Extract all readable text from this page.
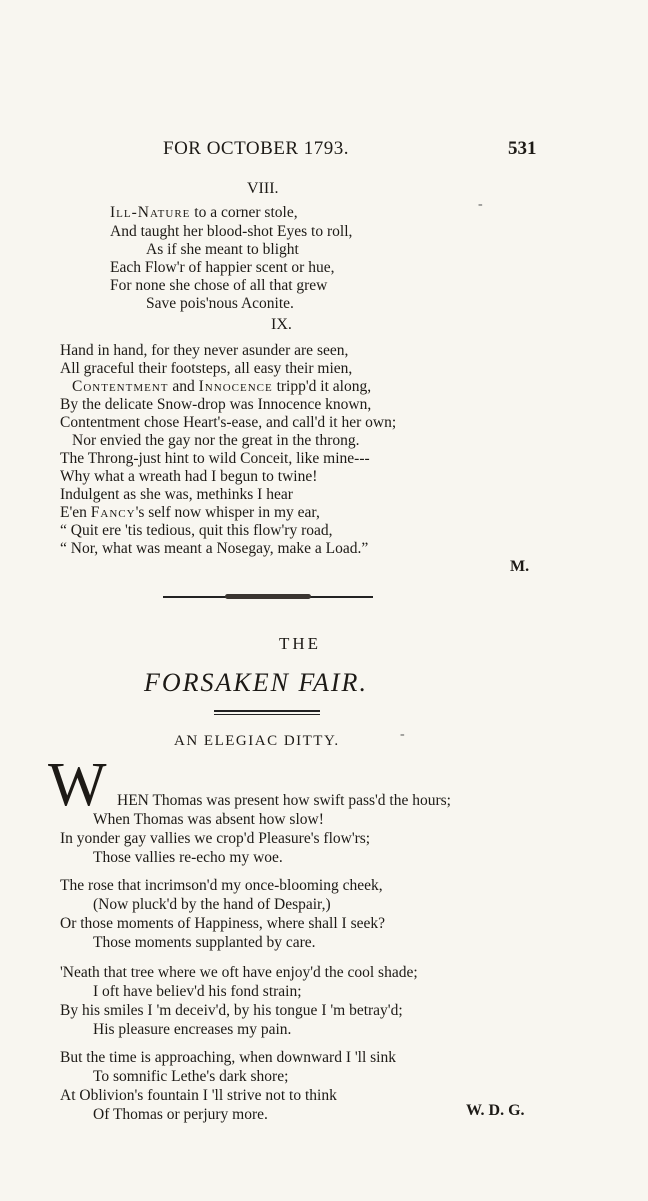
FOR OCTOBER 1793.	531
VIII.
-
Ill-Nature to a corner stole,
And taught her blood-shot Eyes to roll,
As if she meant to blight
Each Flow'r of happier scent or hue,
For none she chose of all that grew
Save pois'nous Aconite.
IX.
Hand in hand, for they never asunder are seen,
All graceful their footsteps, all easy their mien,
Contentment and Innocence tripp'd it along,
By the delicate Snow-drop was Innocence known,
Contentment chose Heart's-ease, and call'd it her own;
Nor envied the gay nor the great in the throng.
The Throng-just hint to wild Conceit, like mine---
Why what a wreath had I begun to twine!
Indulgent as she was, methinks I hear
E'en Fancy's self now whisper in my ear,
“ Quit ere 'tis tedious, quit this flow'ry road,
“ Nor, what was meant a Nosegay, make a Load.”
M.
THE
FORSAKEN FAIR.
AN ELEGIAC DITTY.	-
W HEN Thomas was present how swift pass'd the hours;
When Thomas was absent how slow!
In yonder gay vallies we crop'd Pleasure's flow'rs;
Those vallies re-echo my woe.
The rose that incrimson'd my once-blooming cheek,
(Now pluck'd by the hand of Despair,)
Or those moments of Happiness, where shall I seek?
Those moments supplanted by care.
'Neath that tree where we oft have enjoy'd the cool shade;
I oft have believ'd his fond strain;
By his smiles I 'm deceiv'd, by his tongue I 'm betray'd;
His pleasure encreases my pain.
But the time is approaching, when downward I 'll sink
To somnific Lethe's dark shore;
At Oblivion's fountain I 'll strive not to think
Of Thomas or perjury more.	W. D. G.
